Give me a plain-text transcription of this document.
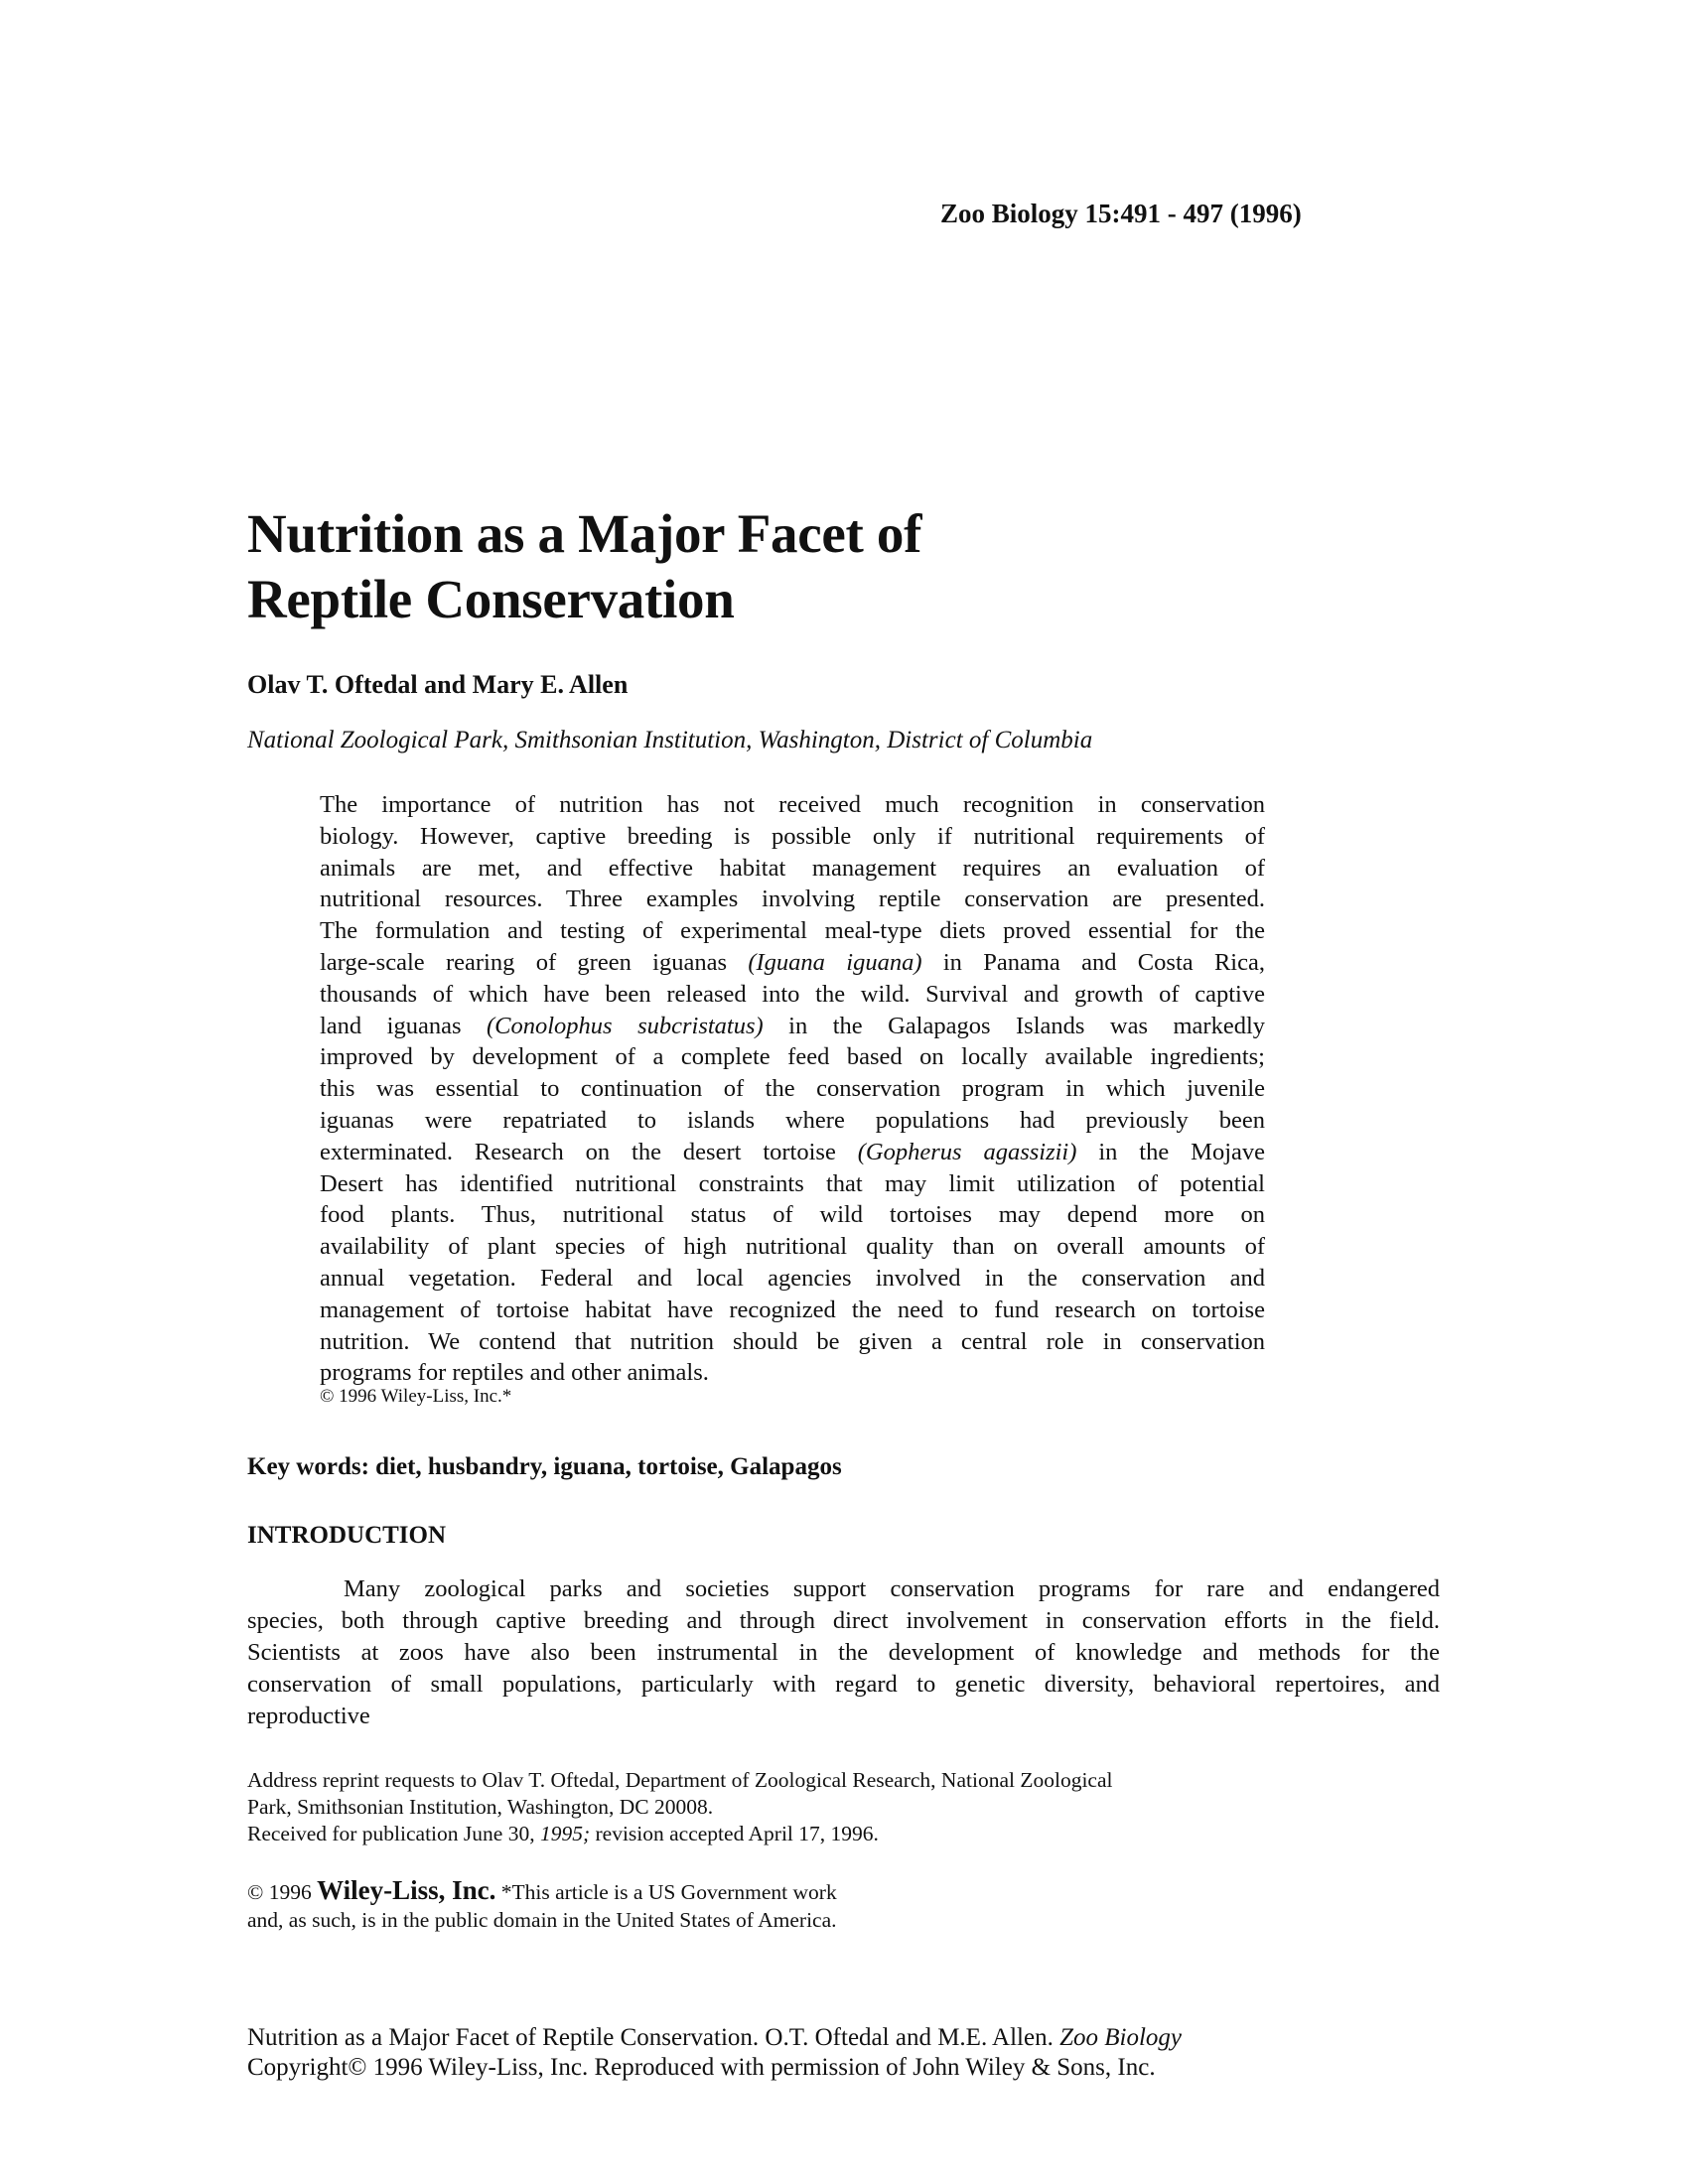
Zoo Biology 15:491 - 497 (1996)
Nutrition as a Major Facet of
Reptile Conservation
Olav T. Oftedal and Mary E. Allen
National Zoological Park, Smithsonian Institution, Washington, District of Columbia
The importance of nutrition has not received much recognition in conservation
biology. However, captive breeding is possible only if nutritional requirements of
animals are met, and effective habitat management requires an evaluation of
nutritional resources. Three examples involving reptile conservation are presented.
The formulation and testing of experimental meal-type diets proved essential for the
large-scale rearing of green iguanas (Iguana iguana) in Panama and Costa Rica,
thousands of which have been released into the wild. Survival and growth of captive
land iguanas (Conolophus subcristatus) in the Galapagos Islands was markedly
improved by development of a complete feed based on locally available ingredients;
this was essential to continuation of the conservation program in which juvenile
iguanas were repatriated to islands where populations had previously been
exterminated. Research on the desert tortoise (Gopherus agassizii) in the Mojave
Desert has identified nutritional constraints that may limit utilization of potential
food plants. Thus, nutritional status of wild tortoises may depend more on
availability of plant species of high nutritional quality than on overall amounts of
annual vegetation. Federal and local agencies involved in the conservation and
management of tortoise habitat have recognized the need to fund research on tortoise
nutrition. We contend that nutrition should be given a central role in conservation
programs for reptiles and other animals.
© 1996 Wiley-Liss, Inc.*
Key words: diet, husbandry, iguana, tortoise, Galapagos
INTRODUCTION
Many zoological parks and societies support conservation programs for rare and endangered
species, both through captive breeding and through direct involvement in conservation efforts in the field.
Scientists at zoos have also been instrumental in the development of knowledge and methods for the
conservation of small populations, particularly with regard to genetic diversity, behavioral repertoires, and
reproductive
Address reprint requests to Olav T. Oftedal, Department of Zoological Research, National Zoological
Park, Smithsonian Institution, Washington, DC 20008.
Received for publication June 30, 1995; revision accepted April 17, 1996.
© 1996 Wiley-Liss, Inc. *This article is a US Government work
and, as such, is in the public domain in the United States of America.
Nutrition as a Major Facet of Reptile Conservation. O.T. Oftedal and M.E. Allen. Zoo Biology
Copyright© 1996 Wiley-Liss, Inc. Reproduced with permission of John Wiley & Sons, Inc.
